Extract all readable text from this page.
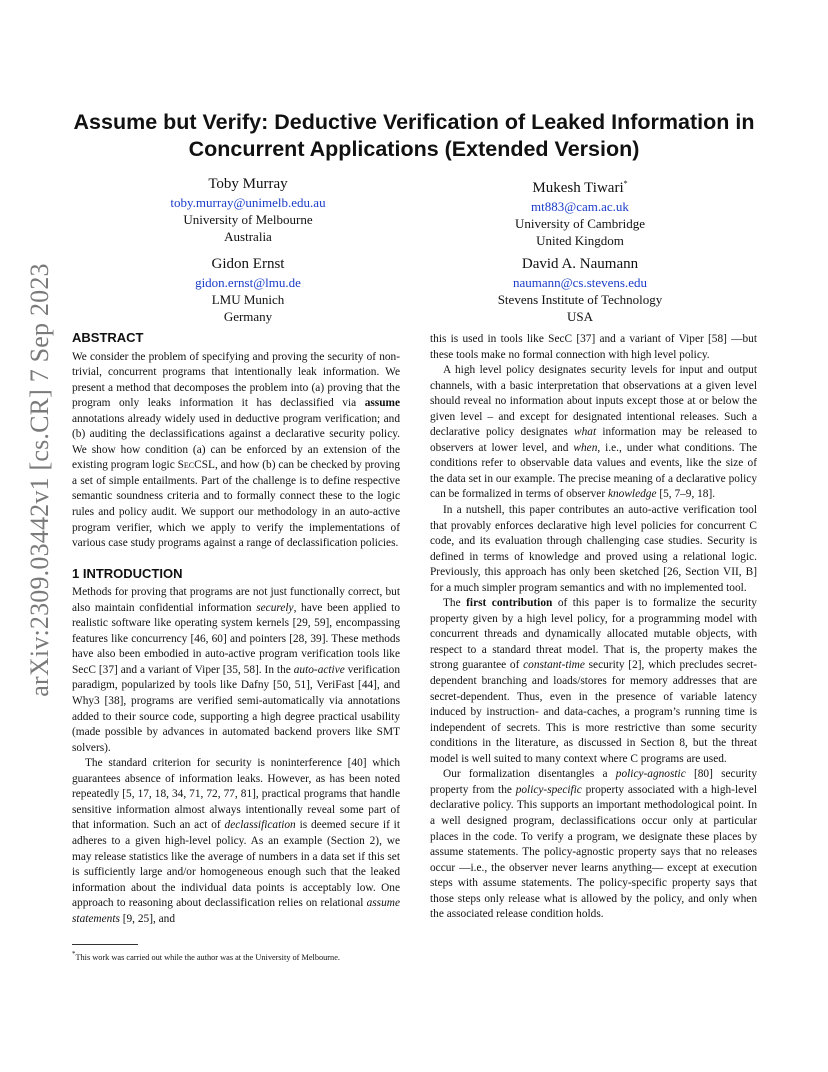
arXiv:2309.03442v1 [cs.CR] 7 Sep 2023
Assume but Verify: Deductive Verification of Leaked Information in Concurrent Applications (Extended Version)
Toby Murray
toby.murray@unimelb.edu.au
University of Melbourne
Australia
Mukesh Tiwari*
mt883@cam.ac.uk
University of Cambridge
United Kingdom
Gidon Ernst
gidon.ernst@lmu.de
LMU Munich
Germany
David A. Naumann
naumann@cs.stevens.edu
Stevens Institute of Technology
USA
ABSTRACT

We consider the problem of specifying and proving the security of non-trivial, concurrent programs that intentionally leak information. We present a method that decomposes the problem into (a) proving that the program only leaks information it has declassified via assume annotations already widely used in deductive program verification; and (b) auditing the declassifications against a declarative security policy. We show how condition (a) can be enforced by an extension of the existing program logic SecCSL, and how (b) can be checked by proving a set of simple entailments. Part of the challenge is to define respective semantic soundness criteria and to formally connect these to the logic rules and policy audit. We support our methodology in an auto-active program verifier, which we apply to verify the implementations of various case study programs against a range of declassification policies.

1 INTRODUCTION

Methods for proving that programs are not just functionally correct, but also maintain confidential information securely, have been applied to realistic software like operating system kernels [29, 59], encompassing features like concurrency [46, 60] and pointers [28, 39]. These methods have also been embodied in auto-active program verification tools like SecC [37] and a variant of Viper [35, 58]. In the auto-active verification paradigm, popularized by tools like Dafny [50, 51], VeriFast [44], and Why3 [38], programs are verified semi-automatically via annotations added to their source code, supporting a high degree practical usability (made possible by advances in automated backend provers like SMT solvers).

The standard criterion for security is noninterference [40] which guarantees absence of information leaks. However, as has been noted repeatedly [5, 17, 18, 34, 71, 72, 77, 81], practical programs that handle sensitive information almost always intentionally reveal some part of that information. Such an act of declassification is deemed secure if it adheres to a given high-level policy. As an example (Section 2), we may release statistics like the average of numbers in a data set if this set is sufficiently large and/or homogeneous enough such that the leaked information about the individual data points is acceptably low. One approach to reasoning about declassification relies on relational assume statements [9, 25], and

this is used in tools like SecC [37] and a variant of Viper [58] —but these tools make no formal connection with high level policy.

A high level policy designates security levels for input and output channels, with a basic interpretation that observations at a given level should reveal no information about inputs except those at or below the given level – and except for designated intentional releases. Such a declarative policy designates what information may be released to observers at lower level, and when, i.e., under what conditions. The conditions refer to observable data values and events, like the size of the data set in our example. The precise meaning of a declarative policy can be formalized in terms of observer knowledge [5, 7–9, 18].

In a nutshell, this paper contributes an auto-active verification tool that provably enforces declarative high level policies for concurrent C code, and its evaluation through challenging case studies. Security is defined in terms of knowledge and proved using a relational logic. Previously, this approach has only been sketched [26, Section VII, B] for a much simpler program semantics and with no implemented tool.

The first contribution of this paper is to formalize the security property given by a high level policy, for a programming model with concurrent threads and dynamically allocated mutable objects, with respect to a standard threat model. That is, the property makes the strong guarantee of constant-time security [2], which precludes secret-dependent branching and loads/stores for memory addresses that are secret-dependent. Thus, even in the presence of variable latency induced by instruction- and data-caches, a program’s running time is independent of secrets. This is more restrictive than some security conditions in the literature, as discussed in Section 8, but the threat model is well suited to many context where C programs are used.

Our formalization disentangles a policy-agnostic [80] security property from the policy-specific property associated with a high-level declarative policy. This supports an important methodological point. In a well designed program, declassifications occur only at particular places in the code. To verify a program, we designate these places by assume statements. The policy-agnostic property says that no releases occur —i.e., the observer never learns anything— except at execution steps with assume statements. The policy-specific property says that those steps only release what is allowed by the policy, and only when the associated release condition holds.

*This work was carried out while the author was at the University of Melbourne.
